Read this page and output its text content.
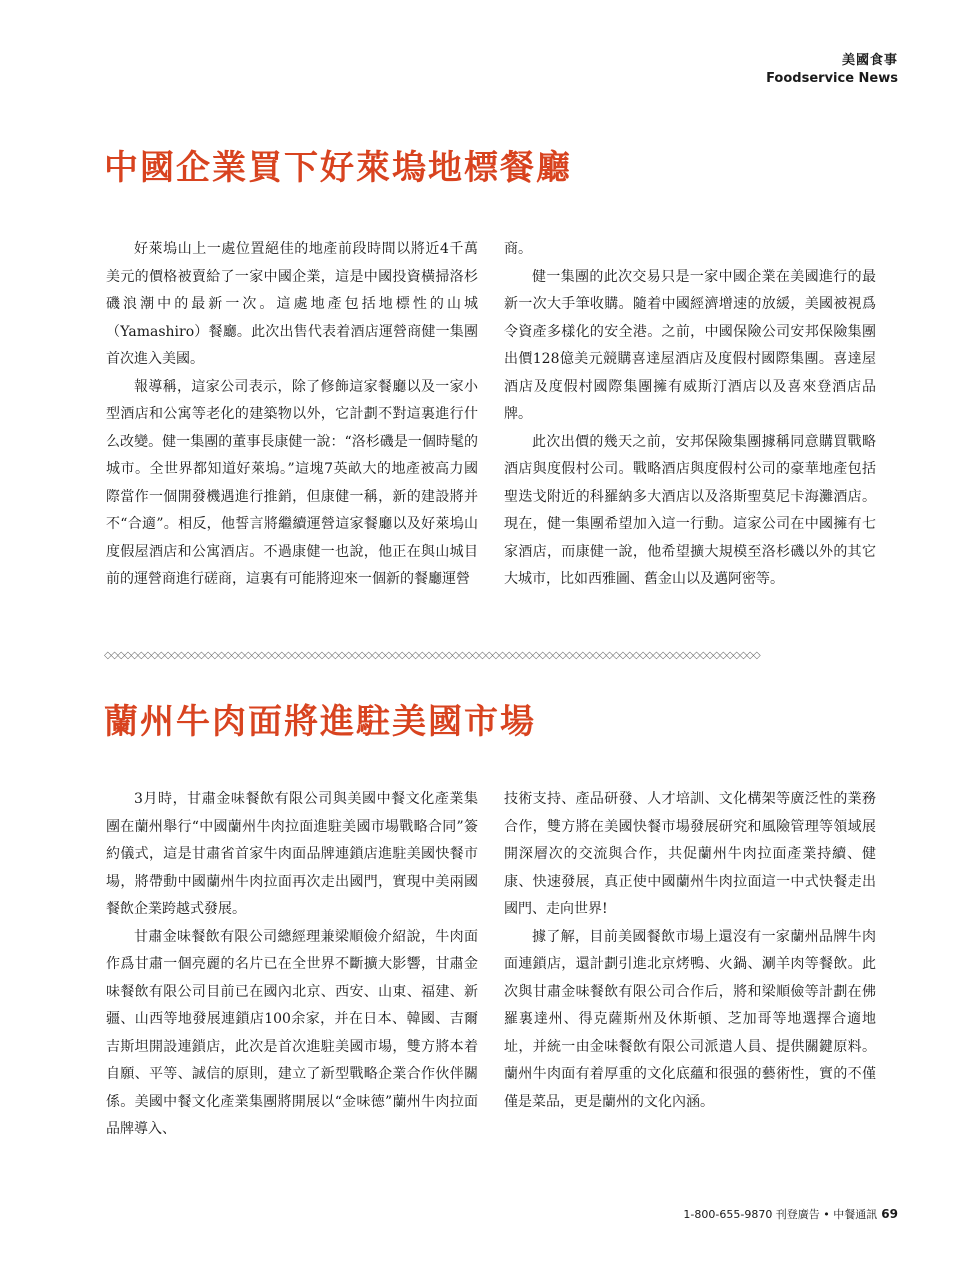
美國食事
Foodservice News
中國企業買下好萊塢地標餐廳

好萊塢山上一處位置絕佳的地產前段時間以將近4千萬美元的價格被賣給了一家中國企業，這是中國投資橫掃洛杉磯浪潮中的最新一次。這處地產包括地標性的山城（Yamashiro）餐廳。此次出售代表着酒店運營商健一集團首次進入美國。

報導稱，這家公司表示，除了修飾這家餐廳以及一家小型酒店和公寓等老化的建築物以外，它計劃不對這裏進行什么改變。健一集團的董事長康健一說：“洛杉磯是一個時髦的城市。全世界都知道好萊塢。”這塊7英畝大的地產被高力國際當作一個開發機遇進行推銷，但康健一稱，新的建設將并不“合適”。相反，他誓言將繼續運營這家餐廳以及好萊塢山度假屋酒店和公寓酒店。不過康健一也說，他正在與山城目前的運營商進行磋商，這裏有可能將迎來一個新的餐廳運營

商。

健一集團的此次交易只是一家中國企業在美國進行的最新一次大手筆收購。隨着中國經濟增速的放緩，美國被視爲令資產多樣化的安全港。之前，中國保險公司安邦保險集團出價128億美元競購喜達屋酒店及度假村國際集團。喜達屋酒店及度假村國際集團擁有威斯汀酒店以及喜來登酒店品牌。

此次出價的幾天之前，安邦保險集團據稱同意購買戰略酒店與度假村公司。戰略酒店與度假村公司的豪華地產包括聖迭戈附近的科羅納多大酒店以及洛斯聖莫尼卡海灘酒店。現在，健一集團希望加入這一行動。這家公司在中國擁有七家酒店，而康健一說，他希望擴大規模至洛杉磯以外的其它大城市，比如西雅圖、舊金山以及邁阿密等。

◇◇◇◇◇◇◇◇◇◇◇◇◇◇◇◇◇◇◇◇◇◇◇◇◇◇◇◇◇◇◇◇◇◇◇◇◇◇◇◇◇◇◇◇◇◇◇◇◇◇◇◇◇◇◇◇◇◇◇◇◇◇◇◇◇◇◇◇◇◇◇◇◇◇◇◇◇◇◇◇◇◇◇◇◇◇◇◇◇◇◇◇◇◇◇◇◇◇
蘭州牛肉面將進駐美國市場

3月時，甘肅金味餐飲有限公司與美國中餐文化產業集團在蘭州舉行“中國蘭州牛肉拉面進駐美國市場戰略合同”簽約儀式，這是甘肅省首家牛肉面品牌連鎖店進駐美國快餐市場，將帶動中國蘭州牛肉拉面再次走出國門，實現中美兩國餐飲企業跨越式發展。

甘肅金味餐飲有限公司總經理兼梁順儉介紹說，牛肉面作爲甘肅一個亮麗的名片已在全世界不斷擴大影響，甘肅金味餐飲有限公司目前已在國內北京、西安、山東、福建、新疆、山西等地發展連鎖店100余家，并在日本、韓國、吉爾吉斯坦開設連鎖店，此次是首次進駐美國市場，雙方將本着自願、平等、誠信的原則，建立了新型戰略企業合作伙伴關係。美國中餐文化產業集團將開展以“金味德”蘭州牛肉拉面品牌導入、

技術支持、產品研發、人才培訓、文化構架等廣泛性的業務合作，雙方將在美國快餐市場發展研究和風險管理等領域展開深層次的交流與合作，共促蘭州牛肉拉面產業持續、健康、快速發展，真正使中國蘭州牛肉拉面這一中式快餐走出國門、走向世界!

據了解，目前美國餐飲市場上還沒有一家蘭州品牌牛肉面連鎖店，還計劃引進北京烤鴨、火鍋、涮羊肉等餐飲。此次與甘肅金味餐飲有限公司合作后，將和梁順儉等計劃在佛羅裏達州、得克薩斯州及休斯頓、芝加哥等地選擇合適地址，并統一由金味餐飲有限公司派遣人員、提供關鍵原料。蘭州牛肉面有着厚重的文化底蘊和很强的藝術性，實的不僅僅是菜品，更是蘭州的文化內涵。

1-800-655-9870 刊登廣告 • 中餐通訊 69
